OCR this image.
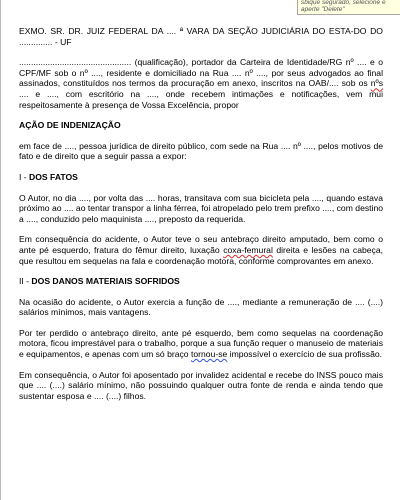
sbique segurado, selecione e
aperte "Delete"

EXMO. SR. DR. JUIZ FEDERAL DA .... ª VARA DA SEÇÃO JUDICIÁRIA DO ESTA-DO DO .............. - UF

............................................... (qualificação), portador da Carteira de Identidade/RG nº .... e o CPF/MF sob o nº ...., residente e domiciliado na Rua .... nº ...., por seus advogados ao final assinados, constituídos nos termos da procuração em anexo, inscritos na OAB/.... sob os nºs .... e ...., com escritório na ...., onde recebem intimações e notificações, vem mui respeitosamente à presença de Vossa Excelência, propor

AÇÃO DE INDENIZAÇÃO

em face de ...., pessoa jurídica de direito público, com sede na Rua .... nº ...., pelos motivos de fato e de direito que a seguir passa a expor:

I - DOS FATOS

O Autor, no dia ...., por volta das .... horas, transitava com sua bicicleta pela ...., quando estava próximo ao .... ao tentar transpor a linha férrea, foi atropelado pelo trem prefixo ...., com destino a ...., conduzido pelo maquinista ...., preposto da requerida.

Em consequência do acidente, o Autor teve o seu antebraço direito amputado, bem como o ante pé esquerdo, fratura do fêmur direito, luxação coxa-femural direita e lesões na cabeça, que resultou em sequelas na fala e coordenação motora, conforme comprovantes em anexo.

II - DOS DANOS MATERIAIS SOFRIDOS

Na ocasião do acidente, o Autor exercia a função de ...., mediante a remuneração de .... (....) salários mínimos, mais vantagens.

Por ter perdido o antebraço direito, ante pé esquerdo, bem como sequelas na coordenação motora, ficou imprestável para o trabalho, porque a sua função requer o manuseio de materiais e equipamentos, e apenas com um só braço tornou-se impossível o exercício de sua profissão.

Em consequência, o Autor foi aposentado por invalidez acidental e recebe do INSS pouco mais que .... (....) salário mínimo, não possuindo qualquer outra fonte de renda e ainda tendo que sustentar esposa e .... (....) filhos.
